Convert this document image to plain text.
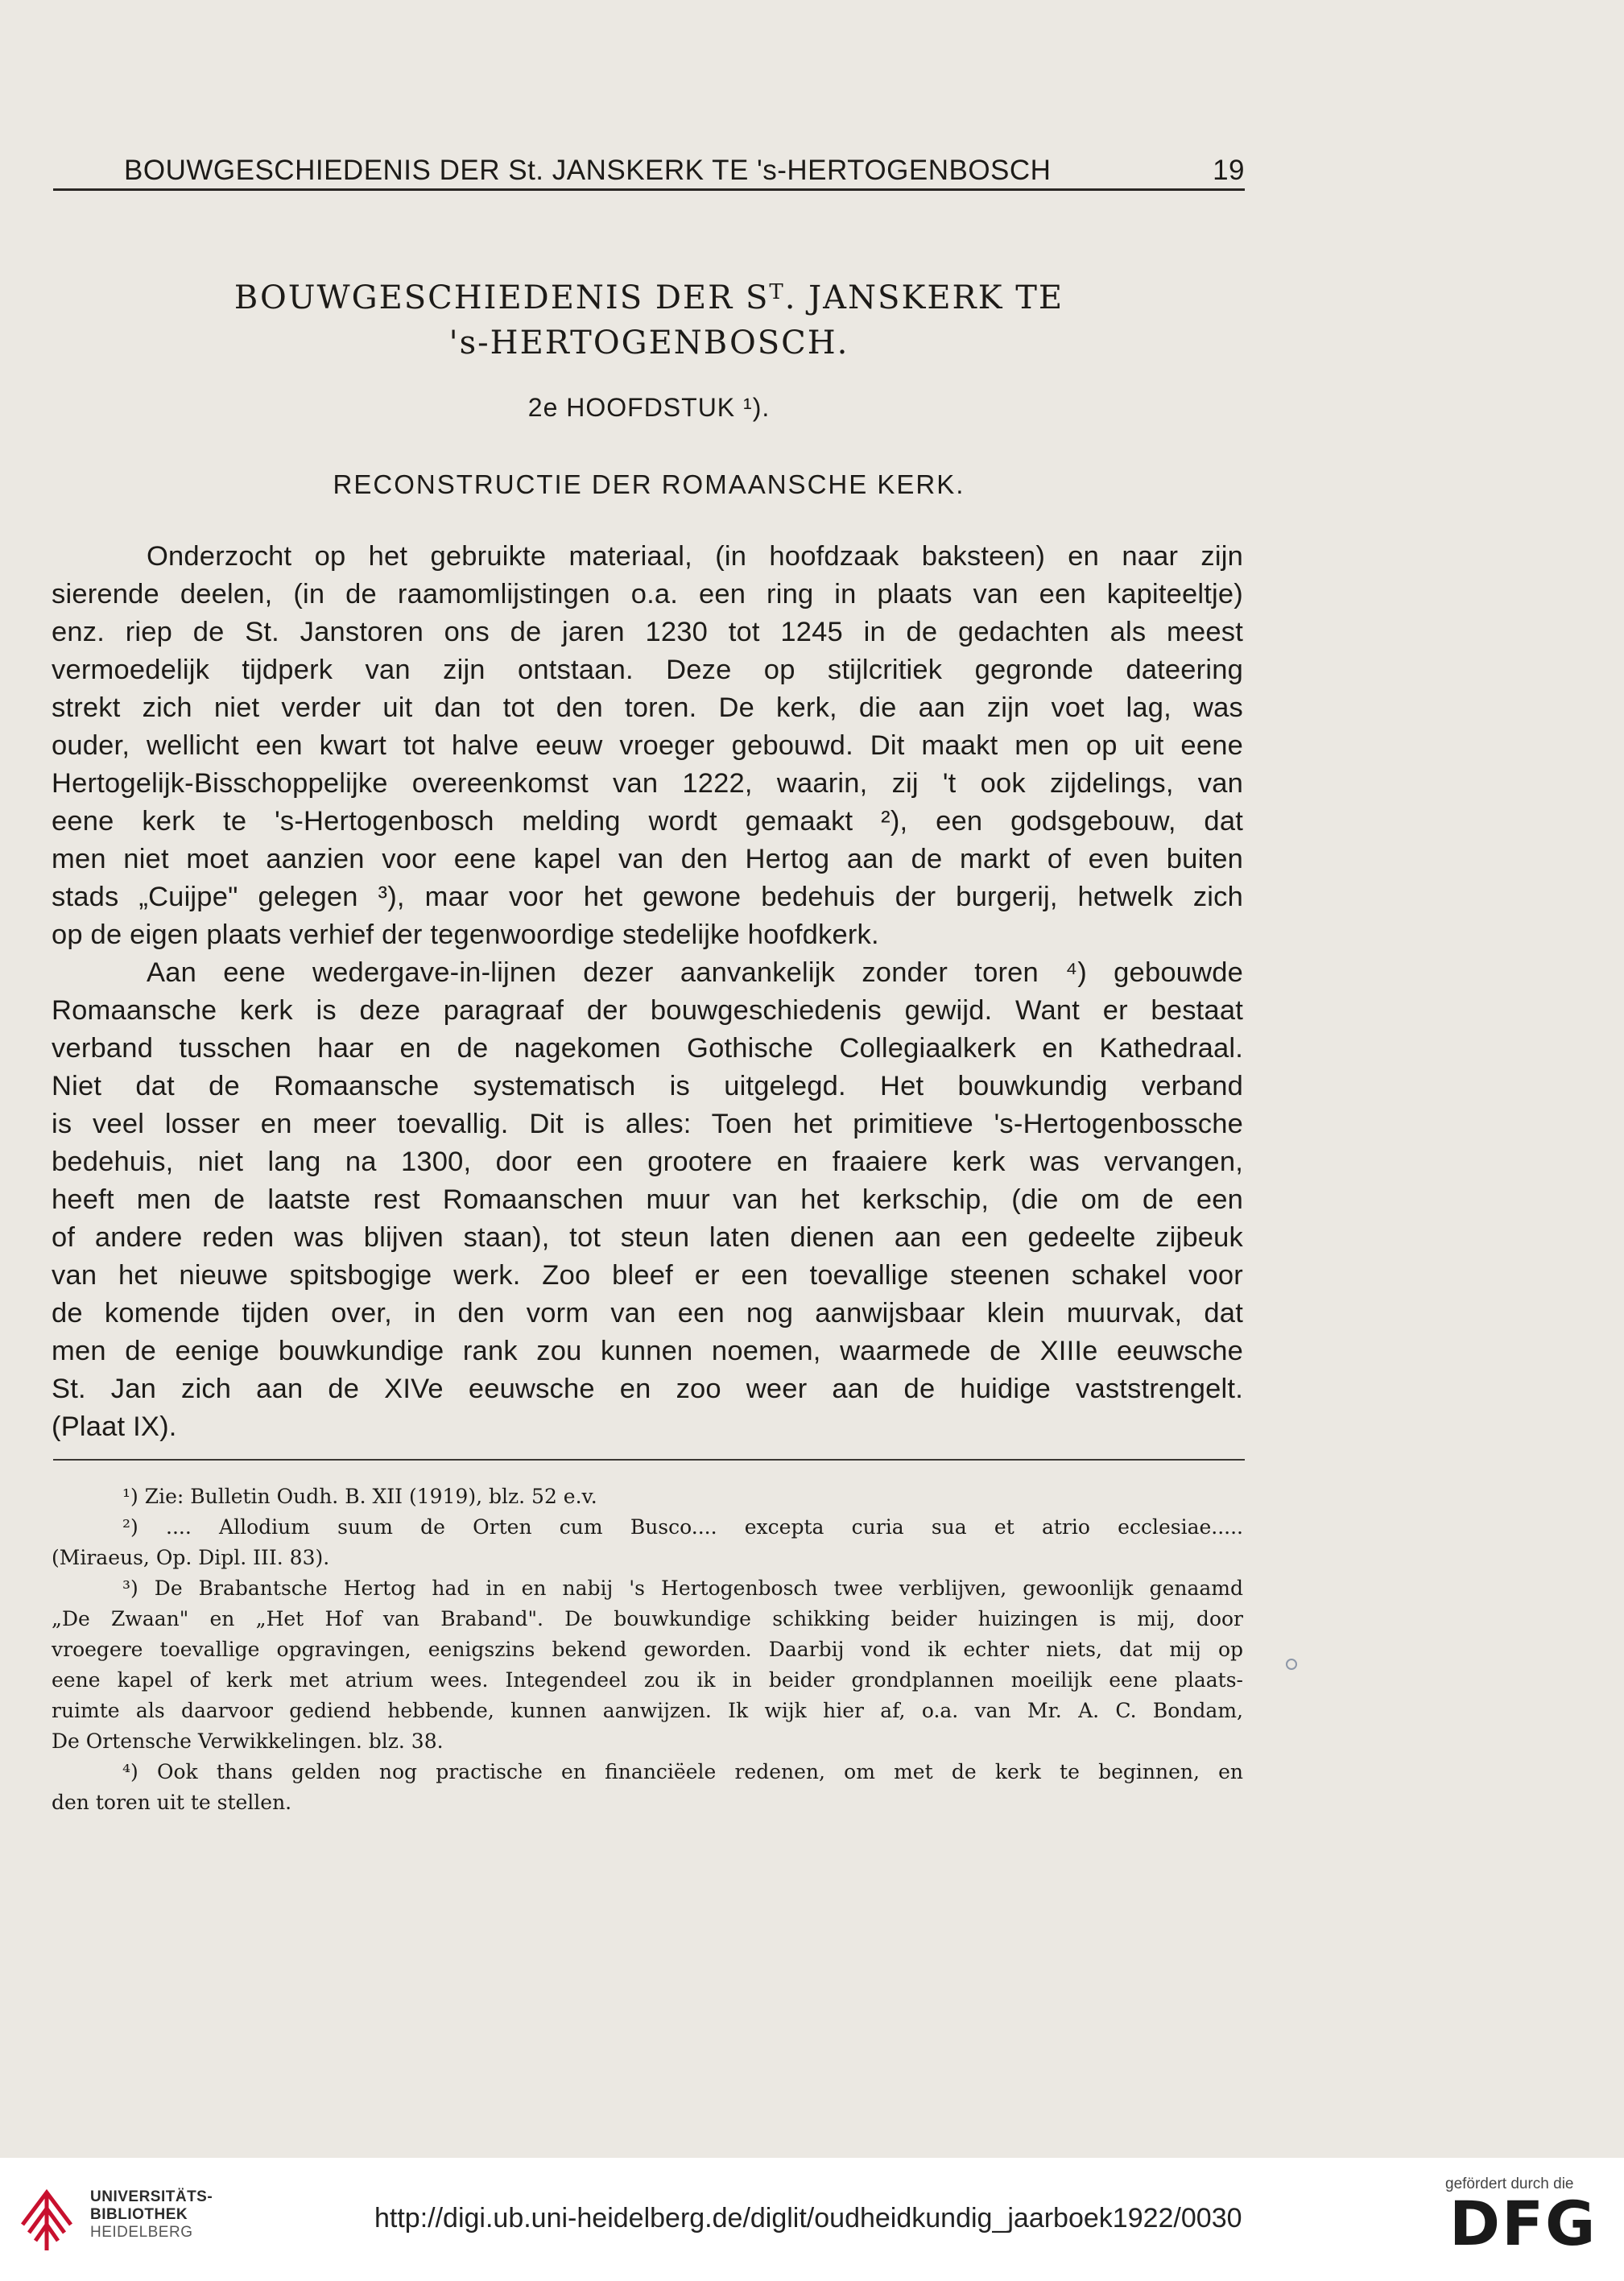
BOUWGESCHIEDENIS DER St. JANSKERK TE 's-HERTOGENBOSCH	19
BOUWGESCHIEDENIS DER $S^T$. JANSKERK TE
's-HERTOGENBOSCH.
2e HOOFDSTUK ¹).
RECONSTRUCTIE DER ROMAANSCHE KERK.
Onderzocht op het gebruikte materiaal, (in hoofdzaak baksteen) en naar zijn
sierende deelen, (in de raamomlijstingen o.a. een ring in plaats van een kapiteeltje)
enz. riep de St. Janstoren ons de jaren 1230 tot 1245 in de gedachten als meest
vermoedelijk tijdperk van zijn ontstaan. Deze op stijlcritiek gegronde dateering
strekt zich niet verder uit dan tot den toren. De kerk, die aan zijn voet lag, was
ouder, wellicht een kwart tot halve eeuw vroeger gebouwd. Dit maakt men op uit eene
Hertogelijk-Bisschoppelijke overeenkomst van 1222, waarin, zij 't ook zijdelings, van
eene kerk te 's-Hertogenbosch melding wordt gemaakt ²), een godsgebouw, dat
men niet moet aanzien voor eene kapel van den Hertog aan de markt of even buiten
stads „Cuijpe" gelegen ³), maar voor het gewone bedehuis der burgerij, hetwelk zich
op de eigen plaats verhief der tegenwoordige stedelijke hoofdkerk.
Aan eene wedergave-in-lijnen dezer aanvankelijk zonder toren ⁴) gebouwde
Romaansche kerk is deze paragraaf der bouwgeschiedenis gewijd. Want er bestaat
verband tusschen haar en de nagekomen Gothische Collegiaalkerk en Kathedraal.
Niet dat de Romaansche systematisch is uitgelegd. Het bouwkundig verband
is veel losser en meer toevallig. Dit is alles: Toen het primitieve 's-Hertogenbossche
bedehuis, niet lang na 1300, door een grootere en fraaiere kerk was vervangen,
heeft men de laatste rest Romaanschen muur van het kerkschip, (die om de een
of andere reden was blijven staan), tot steun laten dienen aan een gedeelte zijbeuk
van het nieuwe spitsbogige werk. Zoo bleef er een toevallige steenen schakel voor
de komende tijden over, in den vorm van een nog aanwijsbaar klein muurvak, dat
men de eenige bouwkundige rank zou kunnen noemen, waarmede de XIIIe eeuwsche
St. Jan zich aan de XIVe eeuwsche en zoo weer aan de huidige vaststrengelt.
(Plaat IX).
¹) Zie: Bulletin Oudh. B. XII (1919), blz. 52 e.v.
²) .... Allodium suum de Orten cum Busco.... excepta curia sua et atrio ecclesiae.....
(Miraeus, Op. Dipl. III. 83).
³) De Brabantsche Hertog had in en nabij 's Hertogenbosch twee verblijven, gewoonlijk genaamd
„De Zwaan" en „Het Hof van Braband". De bouwkundige schikking beider huizingen is mij, door
vroegere toevallige opgravingen, eenigszins bekend geworden. Daarbij vond ik echter niets, dat mij op
eene kapel of kerk met atrium wees. Integendeel zou ik in beider grondplannen moeilijk eene plaats-
ruimte als daarvoor gediend hebbende, kunnen aanwijzen. Ik wijk hier af, o.a. van Mr. A. C. Bondam,
De Ortensche Verwikkelingen. blz. 38.
⁴) Ook thans gelden nog practische en financiëele redenen, om met de kerk te beginnen, en
den toren uit te stellen.
UNIVERSITÄTS-
BIBLIOTHEK
HEIDELBERG	http://digi.ub.uni-heidelberg.de/diglit/oudheidkundig_jaarboek1922/0030
gefördert durch die
DFG
